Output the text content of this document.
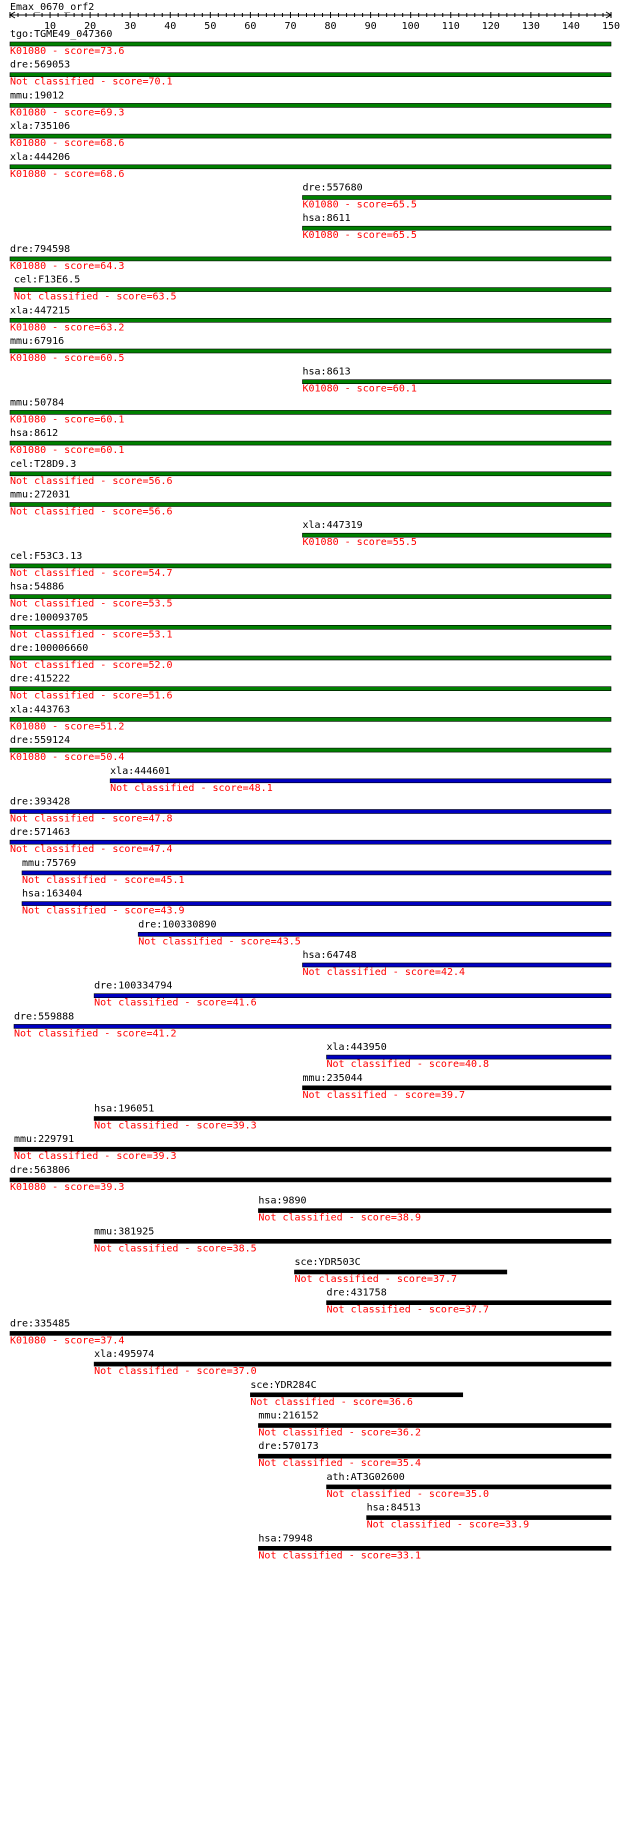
Emax_0670_orf2
10	20	30	40	50	60	70	80	90	100 110 120 130 140 150
tgo:TGME49_047360
K01080 - score=73.6
dre:569053
Not classified - score=70.1
mmu:19012
K01080 - score=69.3
xla:735106
K01080 - score=68.6
xla:444206
K01080 - score=68.6
dre:557680
K01080 - score=65.5
hsa:8611
K01080 - score=65.5
dre:794598
K01080 - score=64.3
cel:F13E6.5
Not classified - score=63.5
xla:447215
K01080 - score=63.2
mmu:67916
K01080 - score=60.5
hsa:8613
K01080 - score=60.1
mmu:50784
K01080 - score=60.1
hsa:8612
K01080 - score=60.1
cel:T28D9.3
Not classified - score=56.6
mmu:272031
Not classified - score=56.6
xla:447319
K01080 - score=55.5
cel:F53C3.13
Not classified - score=54.7
hsa:54886
Not classified - score=53.5
dre:100093705
Not classified - score=53.1
dre:100006660
Not classified - score=52.0
dre:415222
Not classified - score=51.6
xla:443763
K01080 - score=51.2
dre:559124
K01080 - score=50.4
xla:444601
Not classified - score=48.1
dre:393428
Not classified - score=47.8
dre:571463
Not classified - score=47.4
mmu:75769
Not classified - score=45.1
hsa:163404
Not classified - score=43.9
dre:100330890
Not classified - score=43.5
hsa:64748
Not classified - score=42.4
dre:100334794
Not classified - score=41.6
dre:559888
Not classified - score=41.2
xla:443950
Not classified - score=40.8
mmu:235044
Not classified - score=39.7
hsa:196051
Not classified - score=39.3
mmu:229791
Not classified - score=39.3
dre:563806
K01080 - score=39.3
hsa:9890
Not classified - score=38.9
mmu:381925
Not classified - score=38.5
sce:YDR503C
Not classified - score=37.7
dre:431758
Not classified - score=37.7
dre:335485
K01080 - score=37.4
xla:495974
Not classified - score=37.0
sce:YDR284C
Not classified - score=36.6
mmu:216152
Not classified - score=36.2
dre:570173
Not classified - score=35.4
ath:AT3G02600
Not classified - score=35.0
hsa:84513
Not classified - score=33.9
hsa:79948
Not classified - score=33.1
